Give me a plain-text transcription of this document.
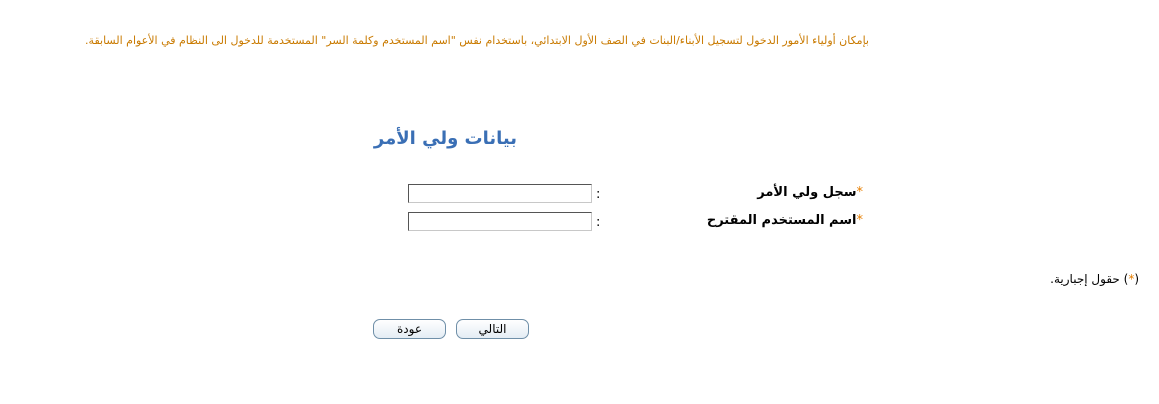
بإمكان أولياء الأمور الدخول لتسجيل الأبناء/البنات في الصف الأول الابتدائي، باستخدام نفس "اسم المستخدم وكلمة السر" المستخدمة للدخول الى النظام في الأعوام السابقة.
بيانات ولي الأمر
*سجل ولي الأمر
:
*اسم المستخدم المقترح
:
(*) حقول إجبارية.
التالي
عودة
